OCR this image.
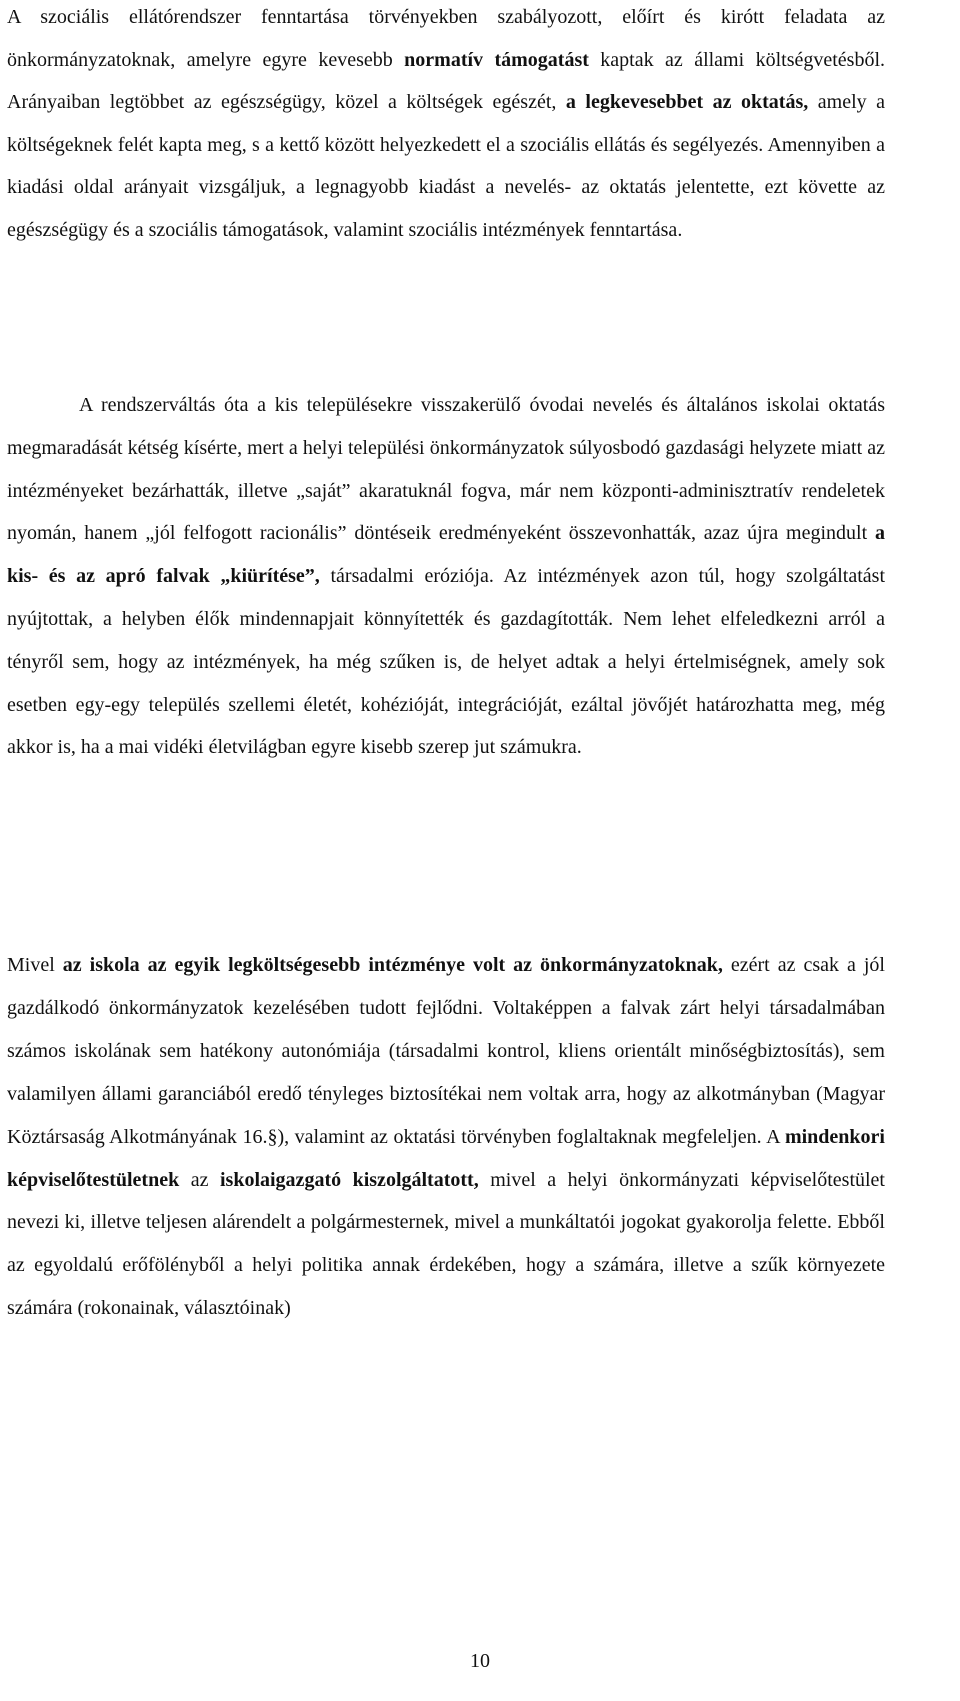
A szociális ellátórendszer fenntartása törvényekben szabályozott, előírt és kirótt feladata az önkormányzatoknak, amelyre egyre kevesebb normatív támogatást kaptak az állami költségvetésből. Arányaiban legtöbbet az egészségügy, közel a költségek egészét, a legkevesebbet az oktatás, amely a költségeknek felét kapta meg, s a kettő között helyezkedett el a szociális ellátás és segélyezés. Amennyiben a kiadási oldal arányait vizsgáljuk, a legnagyobb kiadást a nevelés- az oktatás jelentette, ezt követte az egészségügy és a szociális támogatások, valamint szociális intézmények fenntartása.

A rendszerváltás óta a kis településekre visszakerülő óvodai nevelés és általános iskolai oktatás megmaradását kétség kísérte, mert a helyi települési önkormányzatok súlyosbodó gazdasági helyzete miatt az intézményeket bezárhatták, illetve „saját” akaratuknál fogva, már nem központi-adminisztratív rendeletek nyomán, hanem „jól felfogott racionális” döntéseik eredményeként összevonhatták, azaz újra megindult a kis- és az apró falvak „kiürítése”, társadalmi eróziója. Az intézmények azon túl, hogy szolgáltatást nyújtottak, a helyben élők mindennapjait könnyítették és gazdagították. Nem lehet elfeledkezni arról a tényről sem, hogy az intézmények, ha még szűken is, de helyet adtak a helyi értelmiségnek, amely sok esetben egy-egy település szellemi életét, kohézióját, integrációját, ezáltal jövőjét határozhatta meg, még akkor is, ha a mai vidéki életvilágban egyre kisebb szerep jut számukra.

Mivel az iskola az egyik legköltségesebb intézménye volt az önkormányzatoknak, ezért az csak a jól gazdálkodó önkormányzatok kezelésében tudott fejlődni. Voltaképpen a falvak zárt helyi társadalmában számos iskolának sem hatékony autonómiája (társadalmi kontrol, kliens orientált minőségbiztosítás), sem valamilyen állami garanciából eredő tényleges biztosítékai nem voltak arra, hogy az alkotmányban (Magyar Köztársaság Alkotmányának 16.§), valamint az oktatási törvényben foglaltaknak megfeleljen. A mindenkori képviselőtestületnek az iskolaigazgató kiszolgáltatott, mivel a helyi önkormányzati képviselőtestület nevezi ki, illetve teljesen alárendelt a polgármesternek, mivel a munkáltatói jogokat gyakorolja felette. Ebből az egyoldalú erőfölényből a helyi politika annak érdekében, hogy a számára, illetve a szűk környezete számára (rokonainak, választóinak)

10
